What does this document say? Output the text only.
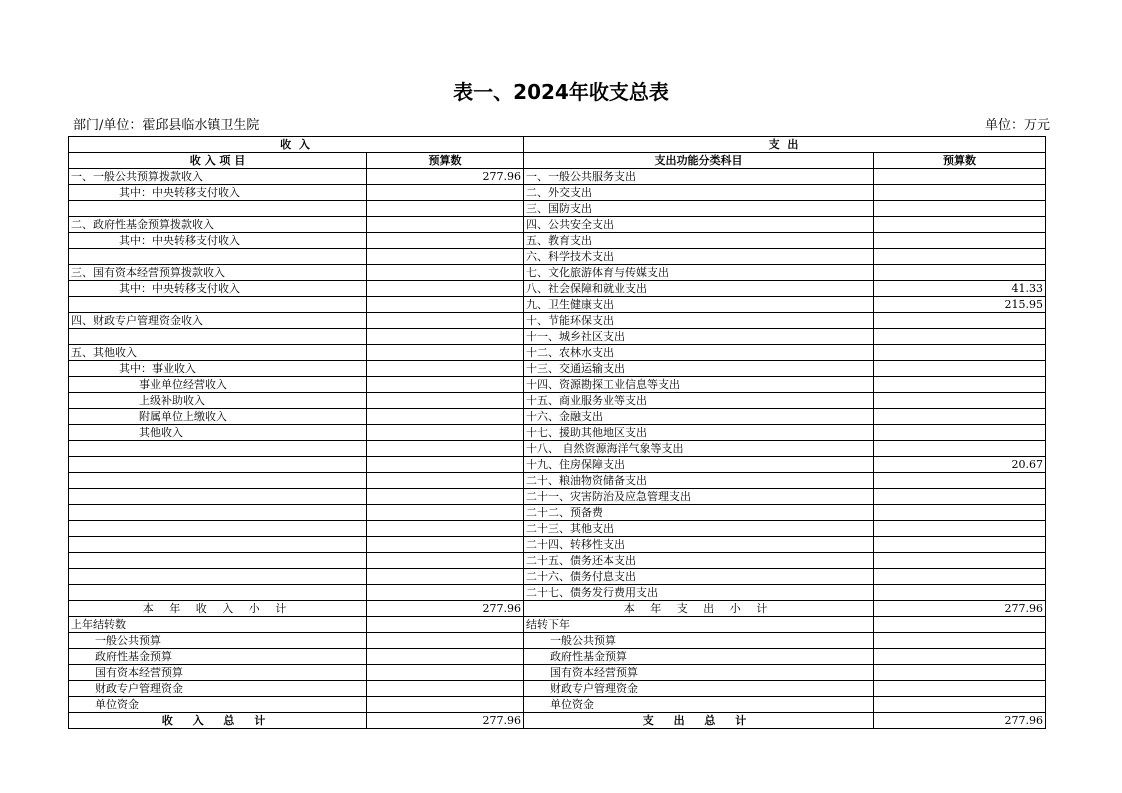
表一、2024年收支总表
部门/单位：霍邱县临水镇卫生院	单位：万元
收 入		支 出	
收 入 项 目	预算数	支出功能分类科目	预算数
一、一般公共预算拨款收入	277.96	一、一般公共服务支出	
其中：中央转移支付收入		二、外交支出	
		三、国防支出	
二、政府性基金预算拨款收入		四、公共安全支出	
其中：中央转移支付收入		五、教育支出	
		六、科学技术支出	
三、国有资本经营预算拨款收入		七、文化旅游体育与传媒支出	
其中：中央转移支付收入		八、社会保障和就业支出	41.33
		九、卫生健康支出	215.95
四、财政专户管理资金收入		十、节能环保支出	
		十一、城乡社区支出	
五、其他收入		十二、农林水支出	
其中：事业收入		十三、交通运输支出	
事业单位经营收入		十四、资源勘探工业信息等支出	
上级补助收入		十五、商业服务业等支出	
附属单位上缴收入		十六、金融支出	
其他收入		十七、援助其他地区支出	
		十八、 自然资源海洋气象等支出	
		十九、住房保障支出	20.67
		二十、粮油物资储备支出	
		二十一、灾害防治及应急管理支出	
		二十二、预备费	
		二十三、其他支出	
		二十四、转移性支出	
		二十五、债务还本支出	
		二十六、债务付息支出	
		二十七、债务发行费用支出	
本 年 收 入 小 计	277.96	本 年 支 出 小 计	277.96
上年结转数		结转下年	
一般公共预算		一般公共预算	
政府性基金预算		政府性基金预算	
国有资本经营预算		国有资本经营预算	
财政专户管理资金		财政专户管理资金	
单位资金		单位资金	
收 入 总 计	277.96	支 出 总 计	277.96
